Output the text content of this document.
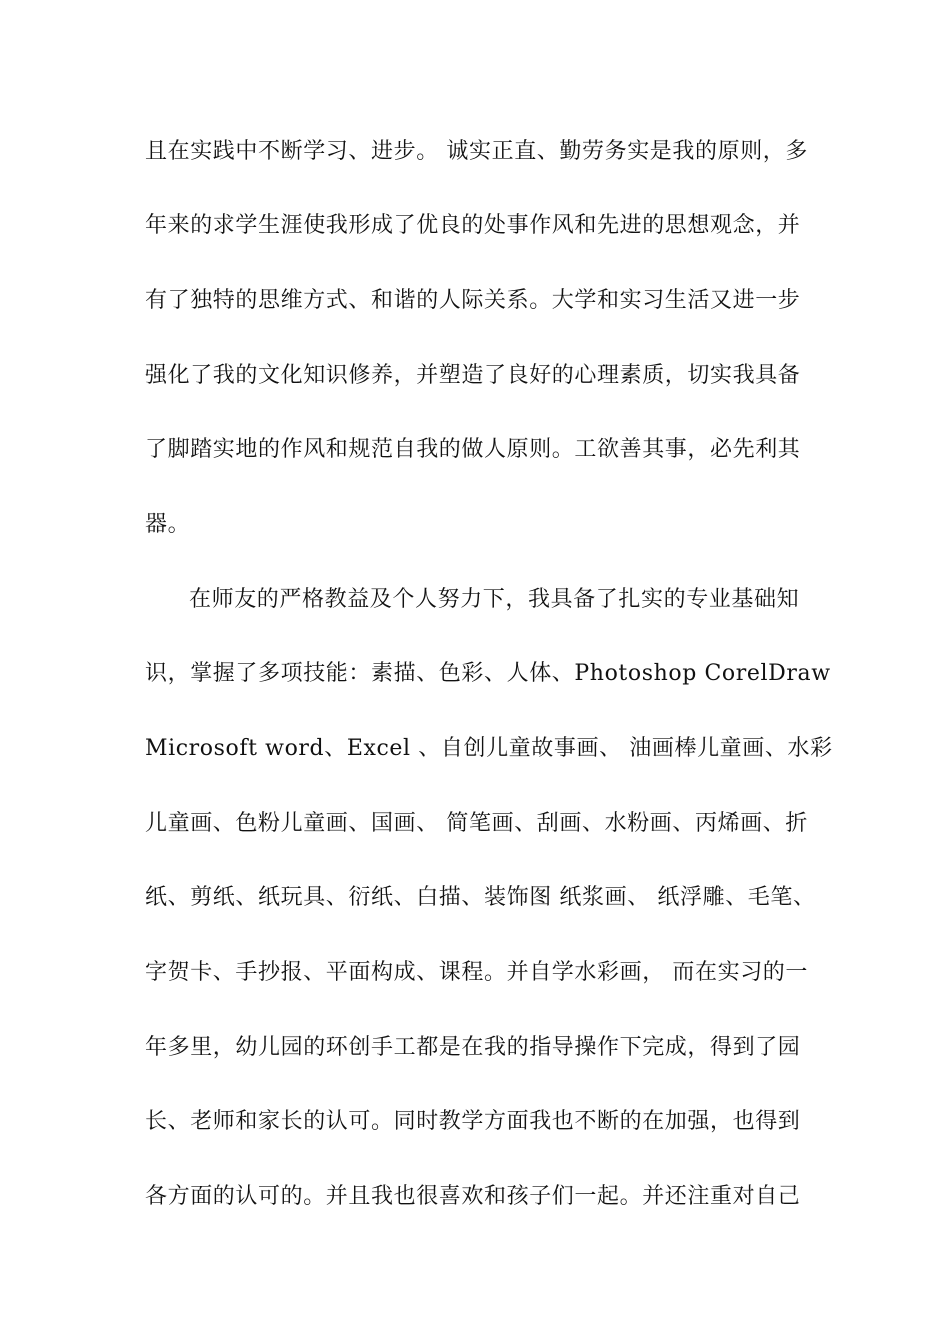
且在实践中不断学习、进步。 诚实正直、勤劳务实是我的原则，多
年来的求学生涯使我形成了优良的处事作风和先进的思想观念，并
有了独特的思维方式、和谐的人际关系。大学和实习生活又进一步
强化了我的文化知识修养，并塑造了良好的心理素质，切实我具备
了脚踏实地的作风和规范自我的做人原则。工欲善其事，必先利其
器。
在师友的严格教益及个人努力下，我具备了扎实的专业基础知
识，掌握了多项技能：素描、色彩、人体、Photoshop CorelDraw
Microsoft word、Excel 、自创儿童故事画、 油画棒儿童画、水彩
儿童画、色粉儿童画、国画、 简笔画、刮画、水粉画、丙烯画、折
纸、剪纸、纸玩具、衍纸、白描、装饰图 纸浆画、 纸浮雕、毛笔、
字贺卡、手抄报、平面构成、课程。并自学水彩画， 而在实习的一
年多里，幼儿园的环创手工都是在我的指导操作下完成，得到了园
长、老师和家长的认可。同时教学方面我也不断的在加强，也得到
各方面的认可的。并且我也很喜欢和孩子们一起。并还注重对自己
